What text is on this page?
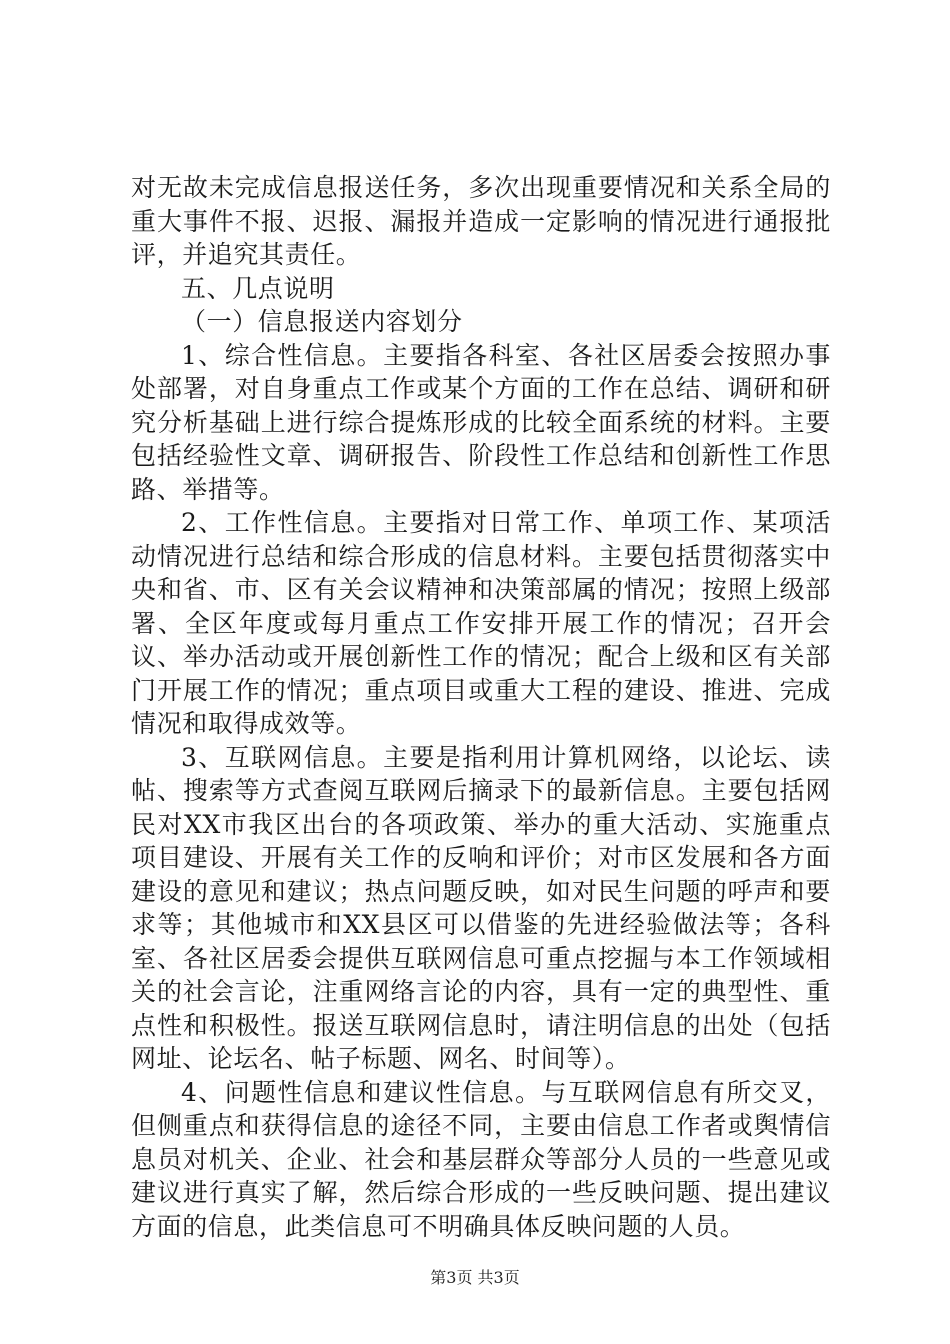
对无故未完成信息报送任务，多次出现重要情况和关系全局的重大事件不报、迟报、漏报并造成一定影响的情况进行通报批评，并追究其责任。

五、几点说明

（一）信息报送内容划分

1、综合性信息。主要指各科室、各社区居委会按照办事处部署，对自身重点工作或某个方面的工作在总结、调研和研究分析基础上进行综合提炼形成的比较全面系统的材料。主要包括经验性文章、调研报告、阶段性工作总结和创新性工作思路、举措等。

2、工作性信息。主要指对日常工作、单项工作、某项活动情况进行总结和综合形成的信息材料。主要包括贯彻落实中央和省、市、区有关会议精神和决策部属的情况；按照上级部署、全区年度或每月重点工作安排开展工作的情况；召开会议、举办活动或开展创新性工作的情况；配合上级和区有关部门开展工作的情况；重点项目或重大工程的建设、推进、完成情况和取得成效等。

3、互联网信息。主要是指利用计算机网络，以论坛、读帖、搜索等方式查阅互联网后摘录下的最新信息。主要包括网民对XX市我区出台的各项政策、举办的重大活动、实施重点项目建设、开展有关工作的反响和评价；对市区发展和各方面建设的意见和建议；热点问题反映，如对民生问题的呼声和要求等；其他城市和XX县区可以借鉴的先进经验做法等；各科室、各社区居委会提供互联网信息可重点挖掘与本工作领域相关的社会言论，注重网络言论的内容，具有一定的典型性、重点性和积极性。报送互联网信息时，请注明信息的出处（包括网址、论坛名、帖子标题、网名、时间等）。

4、问题性信息和建议性信息。与互联网信息有所交叉，但侧重点和获得信息的途径不同，主要由信息工作者或舆情信息员对机关、企业、社会和基层群众等部分人员的一些意见或建议进行真实了解，然后综合形成的一些反映问题、提出建议方面的信息，此类信息可不明确具体反映问题的人员。

第3页 共3页
